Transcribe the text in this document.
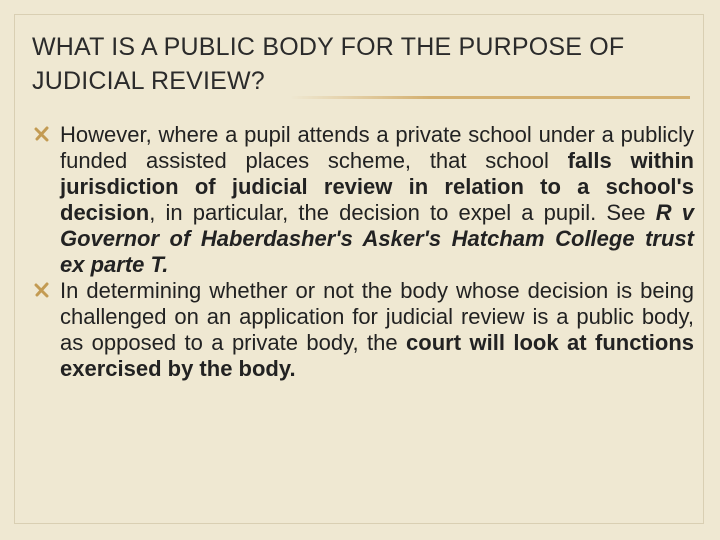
WHAT IS A PUBLIC BODY FOR THE PURPOSE OF
JUDICIAL REVIEW?
However, where a pupil attends a private school under a publicly funded assisted places scheme, that school falls within jurisdiction of judicial review in relation to a school's decision, in particular, the decision to expel a pupil. See R v Governor of Haberdasher's Asker's Hatcham College trust ex parte T.
In determining whether or not the body whose decision is being challenged on an application for judicial review is a public body, as opposed to a private body, the court will look at functions exercised by the body.
